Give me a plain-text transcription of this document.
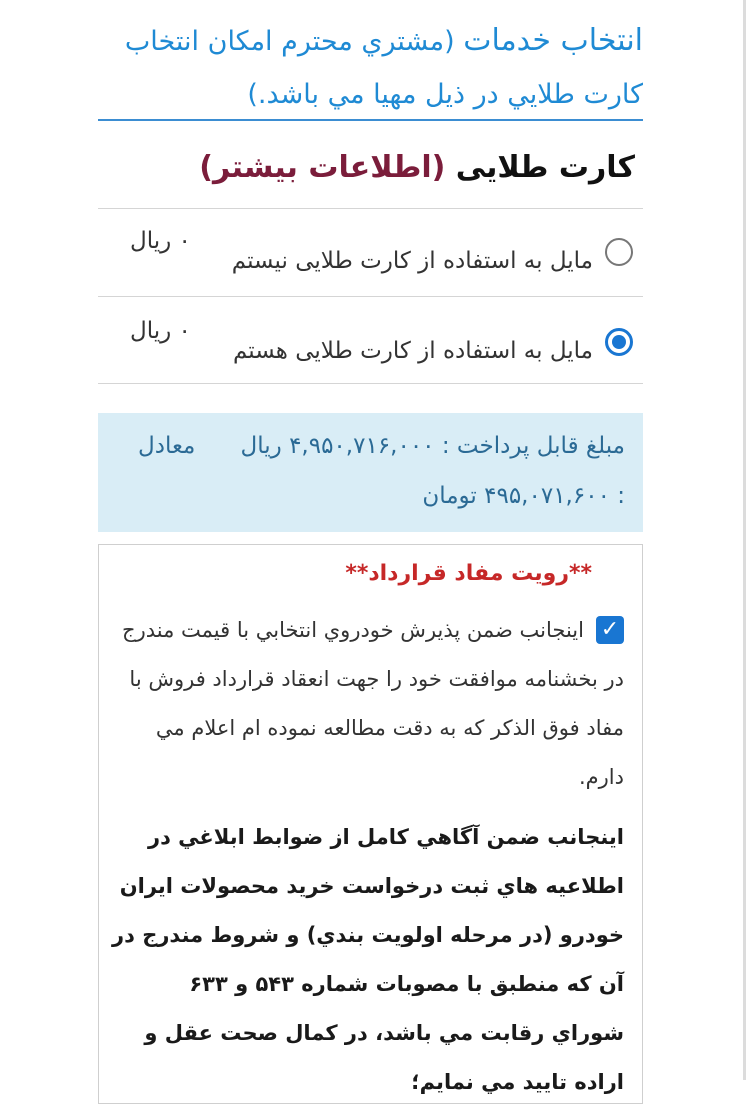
انتخاب خدمات (مشتري محترم امکان انتخاب کارت طلايي در ذيل مهيا مي باشد.)
کارت طلایی (اطلاعات بیشتر)
مایل به استفاده از کارت طلایی نیستم
۰ ریال
مایل به استفاده از کارت طلایی هستم
۰ ریال
مبلغ قابل پرداخت : ۴,۹۵۰,۷۱۶,۰۰۰ ریال
معادل
: ۴۹۵,۰۷۱,۶۰۰ تومان
**رويت مفاد قرارداد**
✓
اینجانب ضمن پذیرش خودروي انتخابي با قيمت مندرج در بخشنامه موافقت خود را جهت انعقاد قرارداد فروش با مفاد فوق الذکر که به دقت مطالعه نموده ام اعلام مي دارم.
اينجانب ضمن آگاهي كامل از ضوابط ابلاغي در اطلاعيه هاي ثبت درخواست خريد محصولات ايران خودرو (در مرحله اولويت بندي) و شروط مندرج در آن كه منطبق با مصوبات شماره ۵۴۳ و ۶۳۳ شوراي رقابت مي باشد، در كمال صحت عقل و اراده تاييد مي نمايم؛
